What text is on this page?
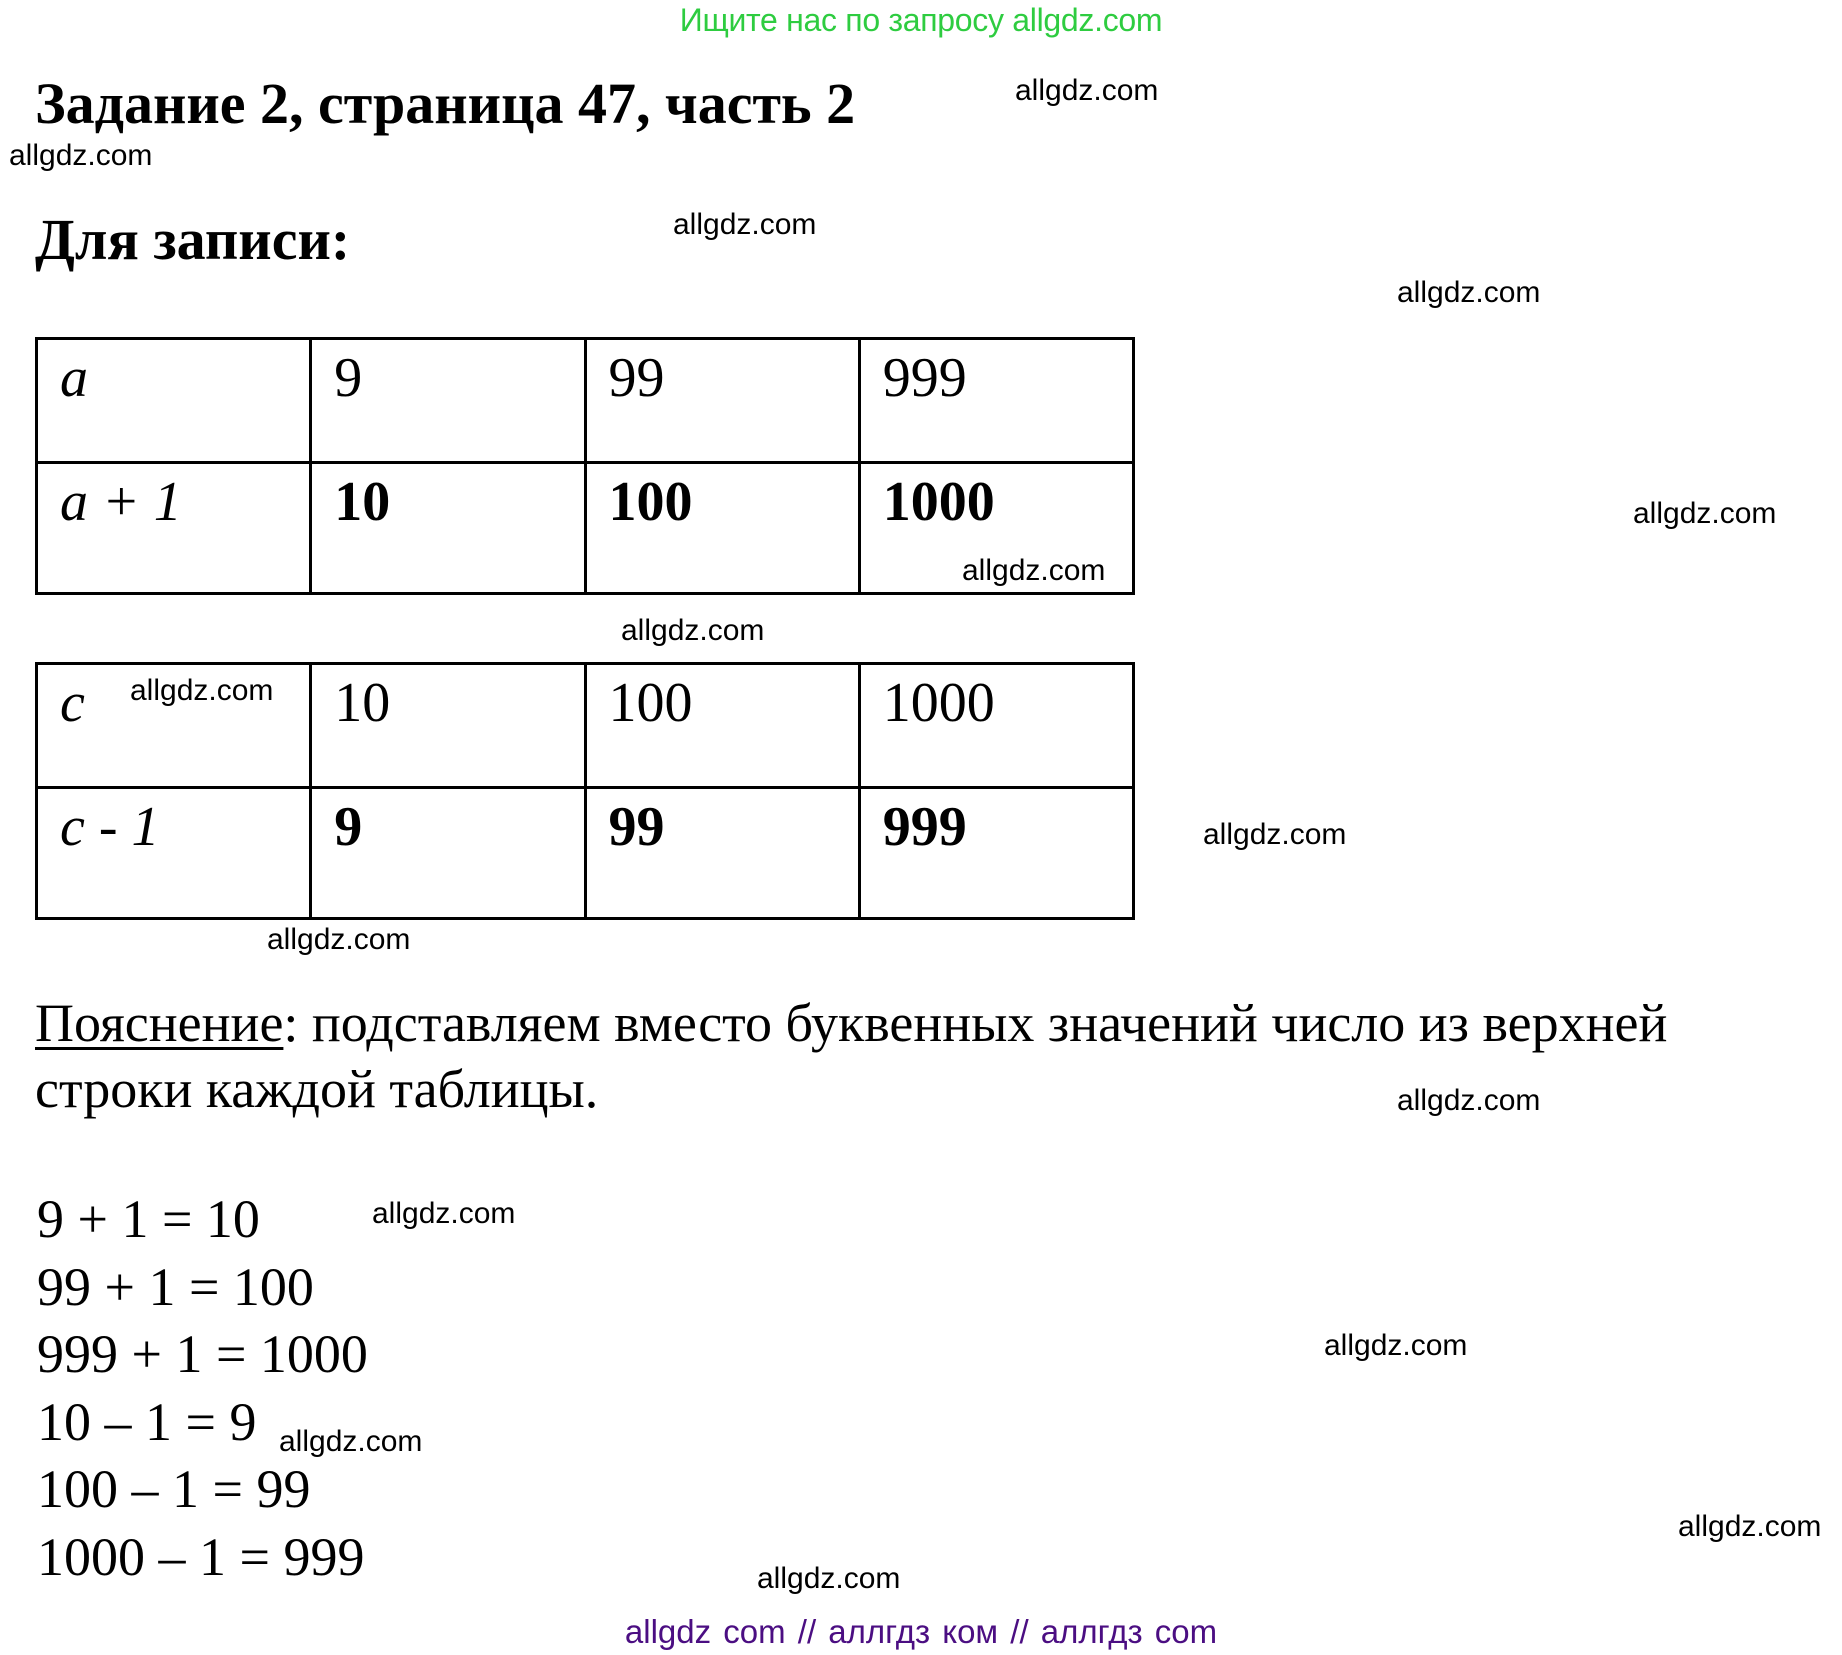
Ищите нас по запросу allgdz.com
Задание 2, страница 47, часть 2
Для записи:
a	9	99	999
a + 1	10	100	1000
c	10	100	1000
c - 1	9	99	999
Пояснение: подставляем вместо буквенных значений число из верхней строки каждой таблицы.
9 + 1 = 10
99 + 1 = 100
999 + 1 = 1000
10 – 1 = 9
100 – 1 = 99
1000 – 1 = 999
allgdz.com
allgdz.com
allgdz.com
allgdz.com
allgdz.com
allgdz.com
allgdz.com
allgdz.com
allgdz.com
allgdz.com
allgdz.com
allgdz.com
allgdz.com
allgdz.com
allgdz.com
allgdz.com
allgdz com // аллгдз ком // аллгдз com
